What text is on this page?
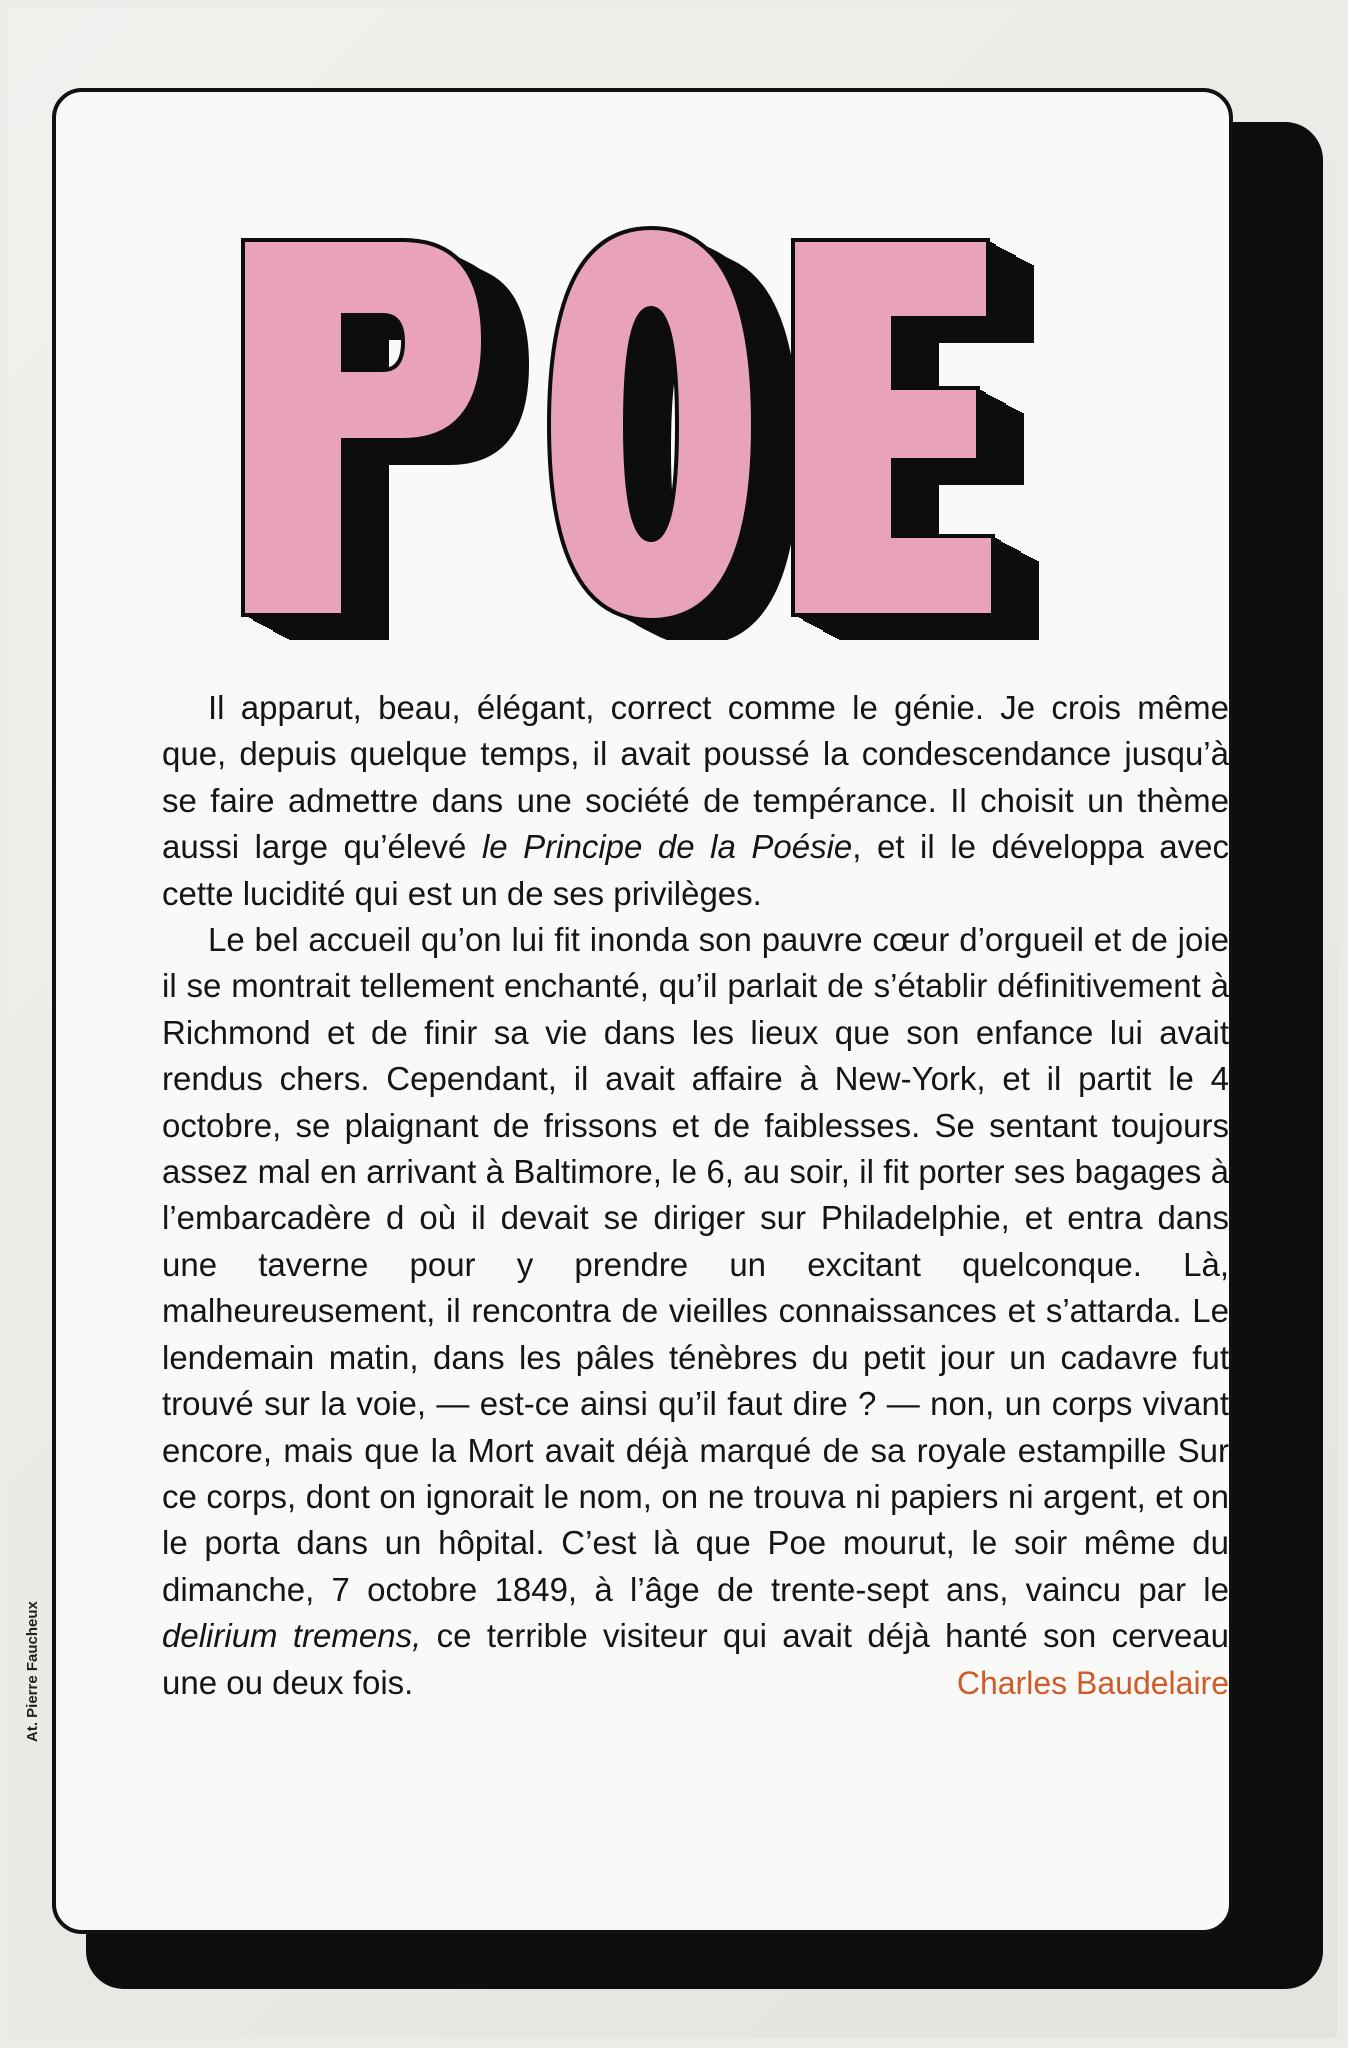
POE

Il apparut, beau, élégant, correct comme le génie. Je crois même que, depuis quelque temps, il avait poussé la condescendance jusqu’à se faire admettre dans une société de tempérance. Il choisit un thème aussi large qu’élevé le Principe de la Poésie, et il le développa avec cette lucidité qui est un de ses privilèges.

Le bel accueil qu’on lui fit inonda son pauvre cœur d’orgueil et de joie il se montrait tellement enchanté, qu’il parlait de s’établir définitivement à Richmond et de finir sa vie dans les lieux que son enfance lui avait rendus chers. Cependant, il avait affaire à New-York, et il partit le 4 octobre, se plaignant de frissons et de faiblesses. Se sentant toujours assez mal en arrivant à Baltimore, le 6, au soir, il fit porter ses bagages à l’embarcadère d où il devait se diriger sur Philadelphie, et entra dans une taverne pour y prendre un excitant quelconque. Là, malheureusement, il rencontra de vieilles connaissances et s’attarda. Le lendemain matin, dans les pâles ténèbres du petit jour un cadavre fut trouvé sur la voie, — est-ce ainsi qu’il faut dire ? — non, un corps vivant encore, mais que la Mort avait déjà marqué de sa royale estampille Sur ce corps, dont on ignorait le nom, on ne trouva ni papiers ni argent, et on le porta dans un hôpital. C’est là que Poe mourut, le soir même du dimanche, 7 octobre 1849, à l’âge de trente-sept ans, vaincu par le delirium tremens, ce terrible visiteur qui avait déjà hanté son cerveau une ou deux fois.	Charles Baudelaire

At. Pierre Faucheux
